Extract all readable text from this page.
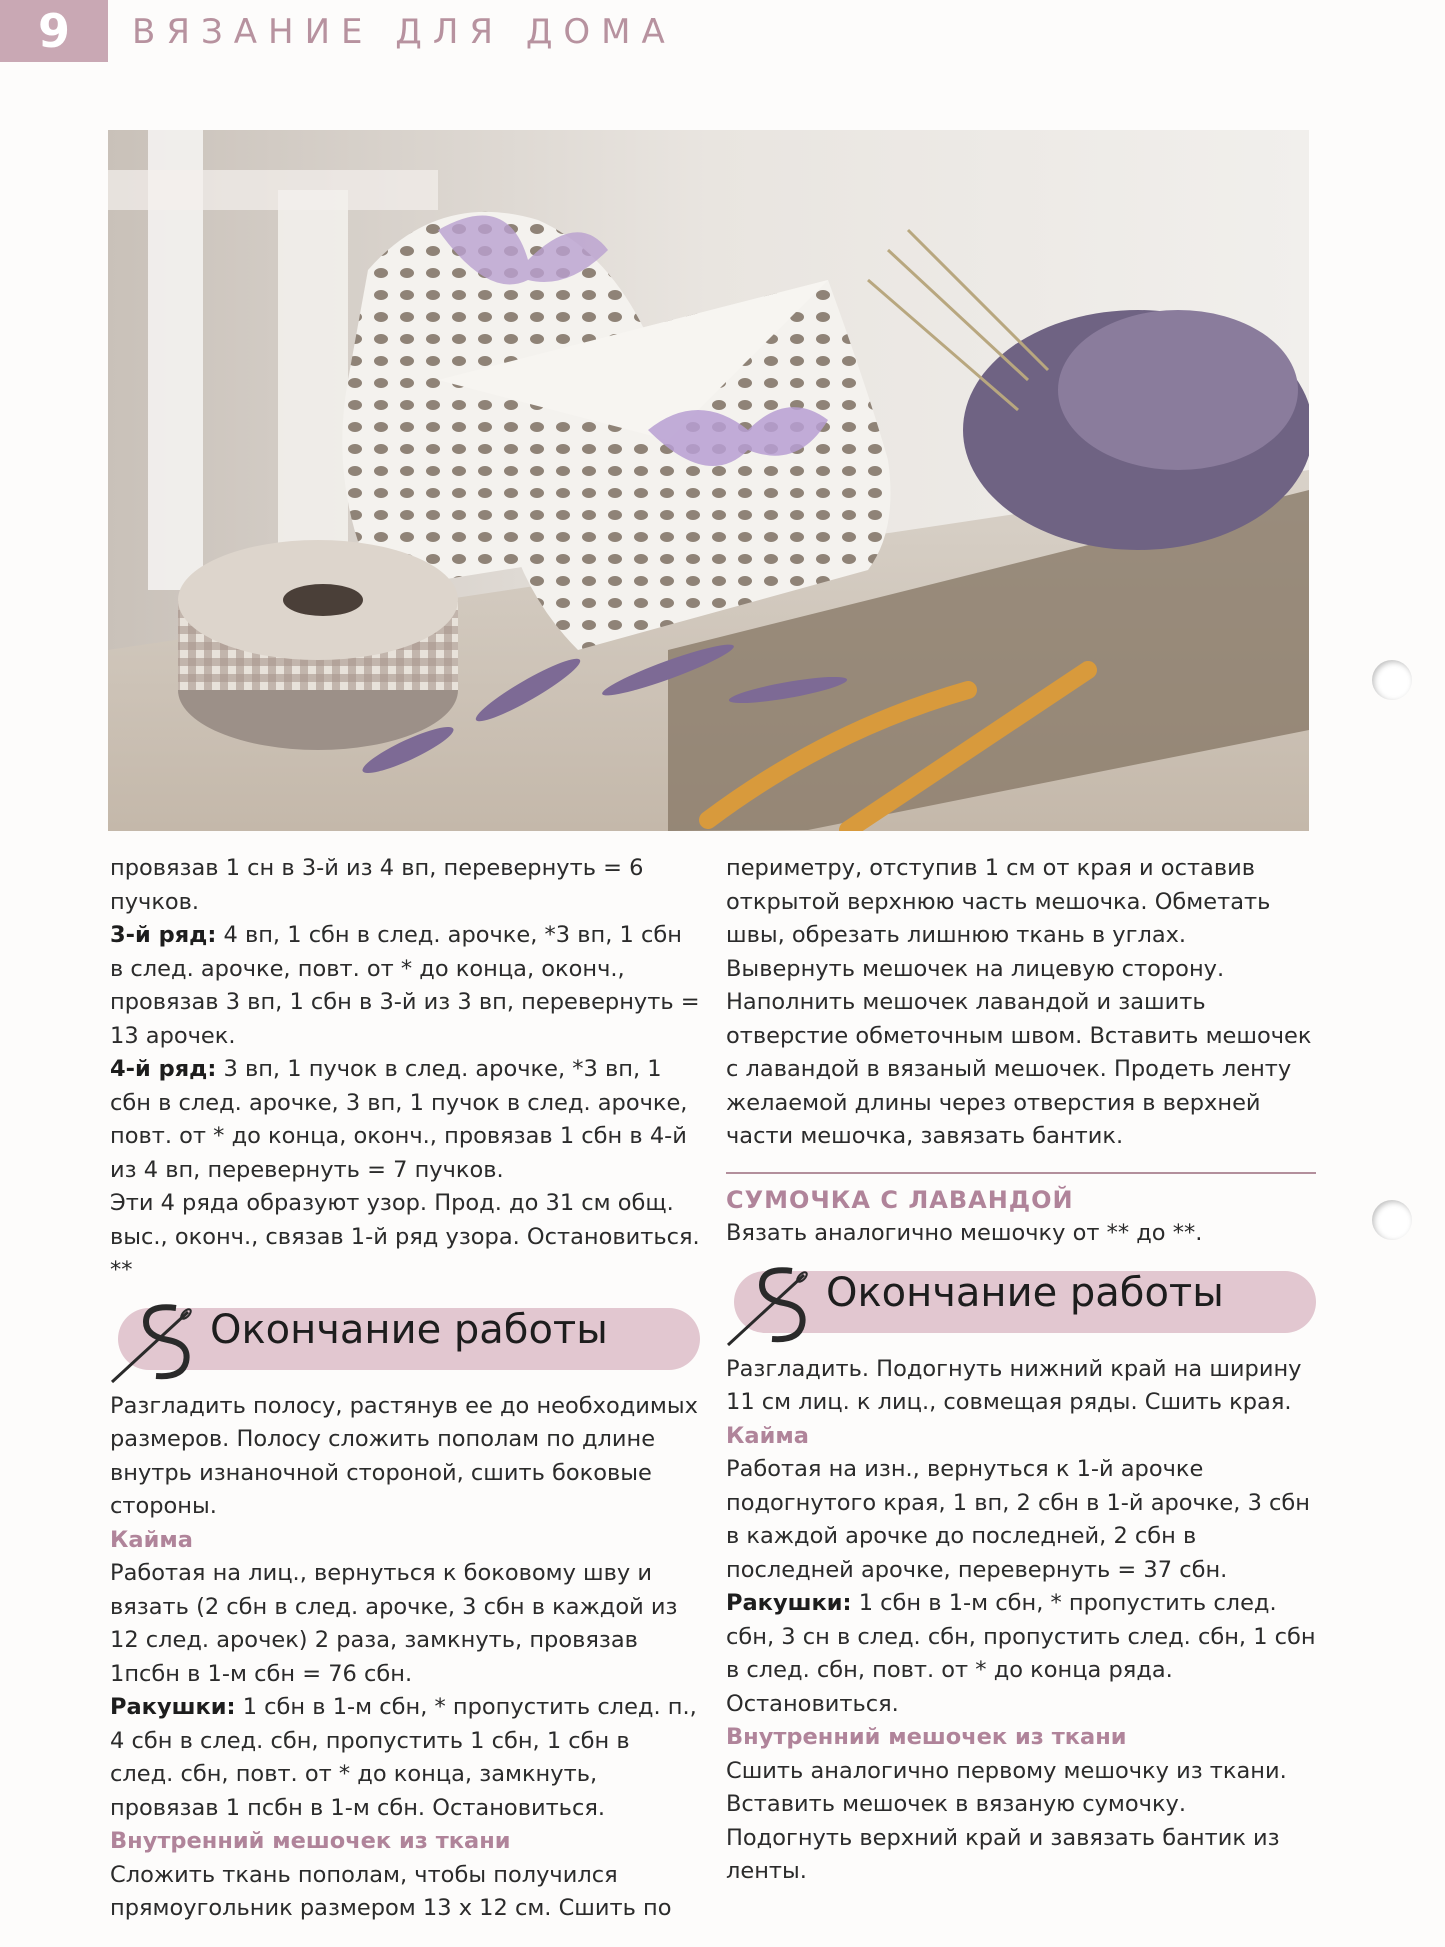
9	ВЯЗАНИЕ ДЛЯ ДОМА

провязав 1 сн в 3-й из 4 вп, перевернуть = 6 пучков.

3-й ряд: 4 вп, 1 сбн в след. арочке, *3 вп, 1 сбн в след. арочке, повт. от * до конца, оконч., провязав 3 вп, 1 сбн в 3-й из 3 вп, перевернуть = 13 арочек.

4-й ряд: 3 вп, 1 пучок в след. арочке, *3 вп, 1 сбн в след. арочке, 3 вп, 1 пучок в след. арочке, повт. от * до конца, оконч., провязав 1 сбн в 4-й из 4 вп, перевернуть = 7 пучков.

Эти 4 ряда образуют узор. Прод. до 31 см общ. выс., оконч., связав 1-й ряд узора. Остановиться. **

Окончание работы

Разгладить полосу, растянув ее до необходимых размеров. Полосу сложить пополам по длине внутрь изнаночной стороной, сшить боковые стороны.

Кайма

Работая на лиц., вернуться к боковому шву и вязать (2 сбн в след. арочке, 3 сбн в каждой из 12 след. арочек) 2 раза, замкнуть, провязав 1псбн в 1-м сбн = 76 сбн.

Ракушки: 1 сбн в 1-м сбн, * пропустить след. п., 4 сбн в след. сбн, пропустить 1 сбн, 1 сбн в след. сбн, повт. от * до конца, замкнуть, провязав 1 псбн в 1-м сбн. Остановиться.

Внутренний мешочек из ткани

Сложить ткань пополам, чтобы получился прямоугольник размером 13 х 12 см. Сшить по

периметру, отступив 1 см от края и оставив открытой верхнюю часть мешочка. Обметать швы, обрезать лишнюю ткань в углах. Вывернуть мешочек на лицевую сторону. Наполнить мешочек лавандой и зашить отверстие обметочным швом. Вставить мешочек с лавандой в вязаный мешочек. Продеть ленту желаемой длины через отверстия в верхней части мешочка, завязать бантик.

СУМОЧКА С ЛАВАНДОЙ

Вязать аналогично мешочку от ** до **.

Окончание работы

Разгладить. Подогнуть нижний край на ширину 11 см лиц. к лиц., совмещая ряды. Сшить края.

Кайма

Работая на изн., вернуться к 1-й арочке подогнутого края, 1 вп, 2 сбн в 1-й арочке, 3 сбн в каждой арочке до последней, 2 сбн в последней арочке, перевернуть = 37 сбн.

Ракушки: 1 сбн в 1-м сбн, * пропустить след. сбн, 3 сн в след. сбн, пропустить след. сбн, 1 сбн в след. сбн, повт. от * до конца ряда. Остановиться.

Внутренний мешочек из ткани

Сшить аналогично первому мешочку из ткани. Вставить мешочек в вязаную сумочку. Подогнуть верхний край и завязать бантик из ленты.
